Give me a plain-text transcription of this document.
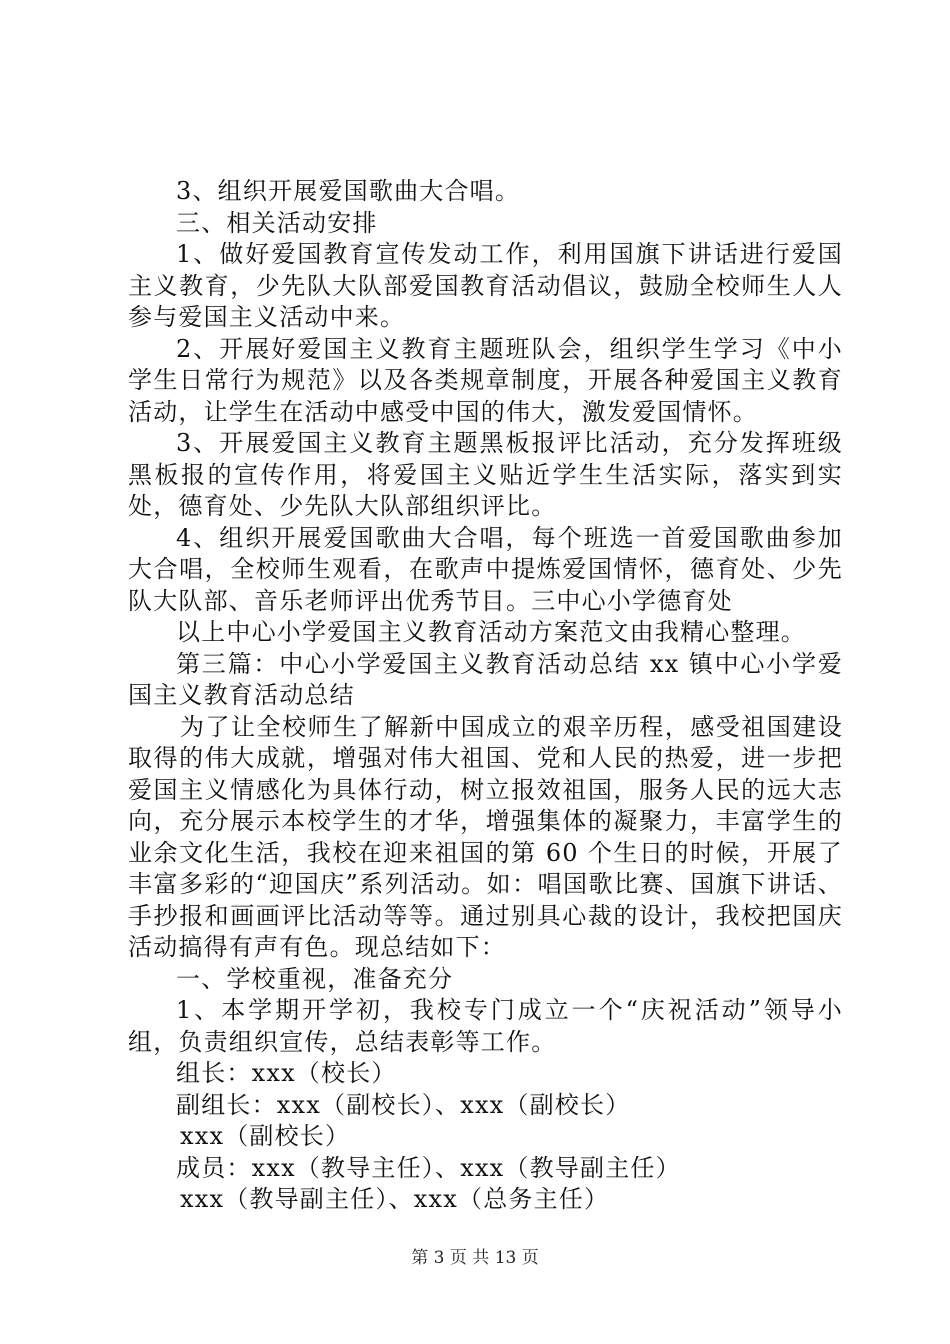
3、组织开展爱国歌曲大合唱。

三、相关活动安排

1、做好爱国教育宣传发动工作，利用国旗下讲话进行爱国主义教育，少先队大队部爱国教育活动倡议，鼓励全校师生人人参与爱国主义活动中来。

2、开展好爱国主义教育主题班队会，组织学生学习《中小学生日常行为规范》以及各类规章制度，开展各种爱国主义教育活动，让学生在活动中感受中国的伟大，激发爱国情怀。

3、开展爱国主义教育主题黑板报评比活动，充分发挥班级黑板报的宣传作用，将爱国主义贴近学生生活实际，落实到实处，德育处、少先队大队部组织评比。

4、组织开展爱国歌曲大合唱，每个班选一首爱国歌曲参加大合唱，全校师生观看，在歌声中提炼爱国情怀，德育处、少先队大队部、音乐老师评出优秀节目。三中心小学德育处

以上中心小学爱国主义教育活动方案范文由我精心整理。

第三篇：中心小学爱国主义教育活动总结 xx 镇中心小学爱国主义教育活动总结

为了让全校师生了解新中国成立的艰辛历程，感受祖国建设取得的伟大成就，增强对伟大祖国、党和人民的热爱，进一步把爱国主义情感化为具体行动，树立报效祖国，服务人民的远大志向，充分展示本校学生的才华，增强集体的凝聚力，丰富学生的业余文化生活，我校在迎来祖国的第 60 个生日的时候，开展了丰富多彩的“迎国庆”系列活动。如：唱国歌比赛、国旗下讲话、手抄报和画画评比活动等等。通过别具心裁的设计，我校把国庆活动搞得有声有色。现总结如下：

一、学校重视，准备充分

1、本学期开学初，我校专门成立一个“庆祝活动”领导小组，负责组织宣传，总结表彰等工作。

组长：xxx（校长）

副组长：xxx（副校长）、xxx（副校长）

xxx（副校长）

成员：xxx（教导主任）、xxx（教导副主任）

xxx（教导副主任）、xxx（总务主任）

第 3 页 共 13 页
